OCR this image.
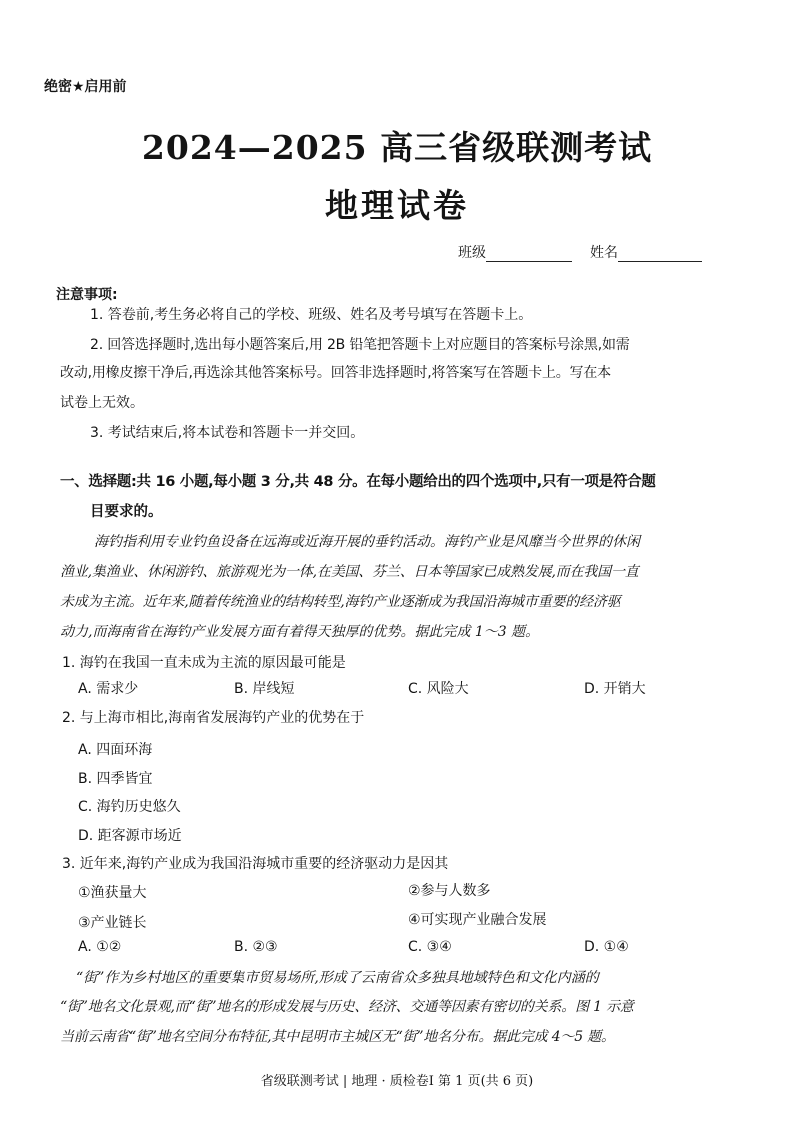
绝密★启用前
2024—2025 高三省级联测考试
地理试卷
班级	姓名
注意事项:
1. 答卷前,考生务必将自己的学校、班级、姓名及考号填写在答题卡上。
2. 回答选择题时,选出每小题答案后,用 2B 铅笔把答题卡上对应题目的答案标号涂黑,如需
改动,用橡皮擦干净后,再选涂其他答案标号。回答非选择题时,将答案写在答题卡上。写在本
试卷上无效。
3. 考试结束后,将本试卷和答题卡一并交回。
一、选择题:共 16 小题,每小题 3 分,共 48 分。在每小题给出的四个选项中,只有一项是符合题
目要求的。
海钓指利用专业钓鱼设备在远海或近海开展的垂钓活动。海钓产业是风靡当今世界的休闲
渔业,集渔业、休闲游钓、旅游观光为一体,在美国、芬兰、日本等国家已成熟发展,而在我国一直
未成为主流。近年来,随着传统渔业的结构转型,海钓产业逐渐成为我国沿海城市重要的经济驱
动力,而海南省在海钓产业发展方面有着得天独厚的优势。据此完成 1～3 题。
1. 海钓在我国一直未成为主流的原因最可能是
A. 需求少	B. 岸线短	C. 风险大	D. 开销大
2. 与上海市相比,海南省发展海钓产业的优势在于
A. 四面环海
B. 四季皆宜
C. 海钓历史悠久
D. 距客源市场近
3. 近年来,海钓产业成为我国沿海城市重要的经济驱动力是因其
①渔获量大	②参与人数多
③产业链长	④可实现产业融合发展
A. ①②	B. ②③	C. ③④	D. ①④
“街”作为乡村地区的重要集市贸易场所,形成了云南省众多独具地域特色和文化内涵的
“街”地名文化景观,而“街”地名的形成发展与历史、经济、交通等因素有密切的关系。图 1 示意
当前云南省“街”地名空间分布特征,其中昆明市主城区无“街”地名分布。据此完成 4～5 题。
省级联测考试 | 地理 · 质检卷Ⅰ 第 1 页(共 6 页)
